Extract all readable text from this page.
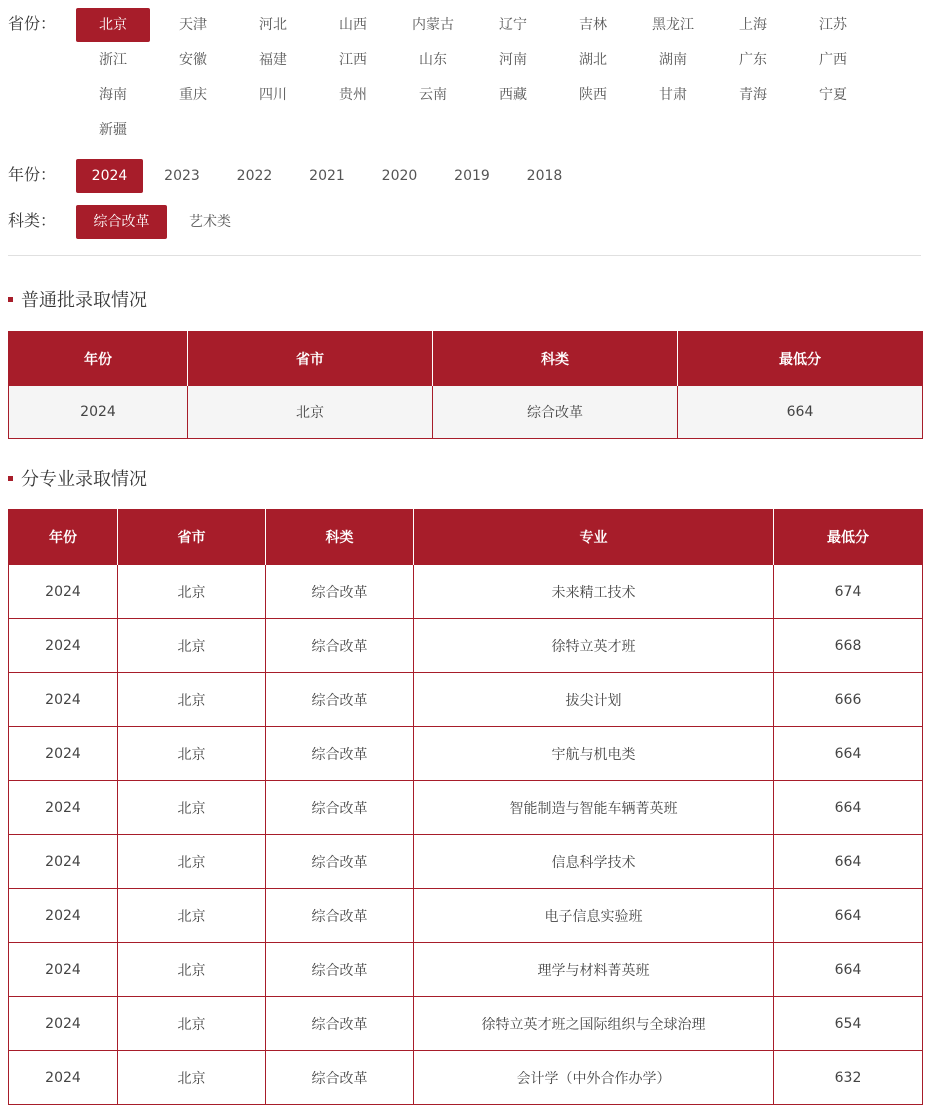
省份：	北京	天津	河北	山西	内蒙古	辽宁	吉林	黑龙江	上海	江苏
浙江	安徽	福建	江西	山东	河南	湖北	湖南	广东	广西
海南	重庆	四川	贵州	云南	西藏	陕西	甘肃	青海	宁夏
新疆
年份：	2024	2023	2022	2021	2020	2019	2018
科类：	综合改革	艺术类
普通批录取情况
年份	省市	科类	最低分
2024	北京	综合改革	664
分专业录取情况
年份	省市	科类	专业	最低分
2024	北京	综合改革	未来精工技术	674
2024	北京	综合改革	徐特立英才班	668
2024	北京	综合改革	拔尖计划	666
2024	北京	综合改革	宇航与机电类	664
2024	北京	综合改革	智能制造与智能车辆菁英班	664
2024	北京	综合改革	信息科学技术	664
2024	北京	综合改革	电子信息实验班	664
2024	北京	综合改革	理学与材料菁英班	664
2024	北京	综合改革	徐特立英才班之国际组织与全球治理	654
2024	北京	综合改革	会计学（中外合作办学）	632
